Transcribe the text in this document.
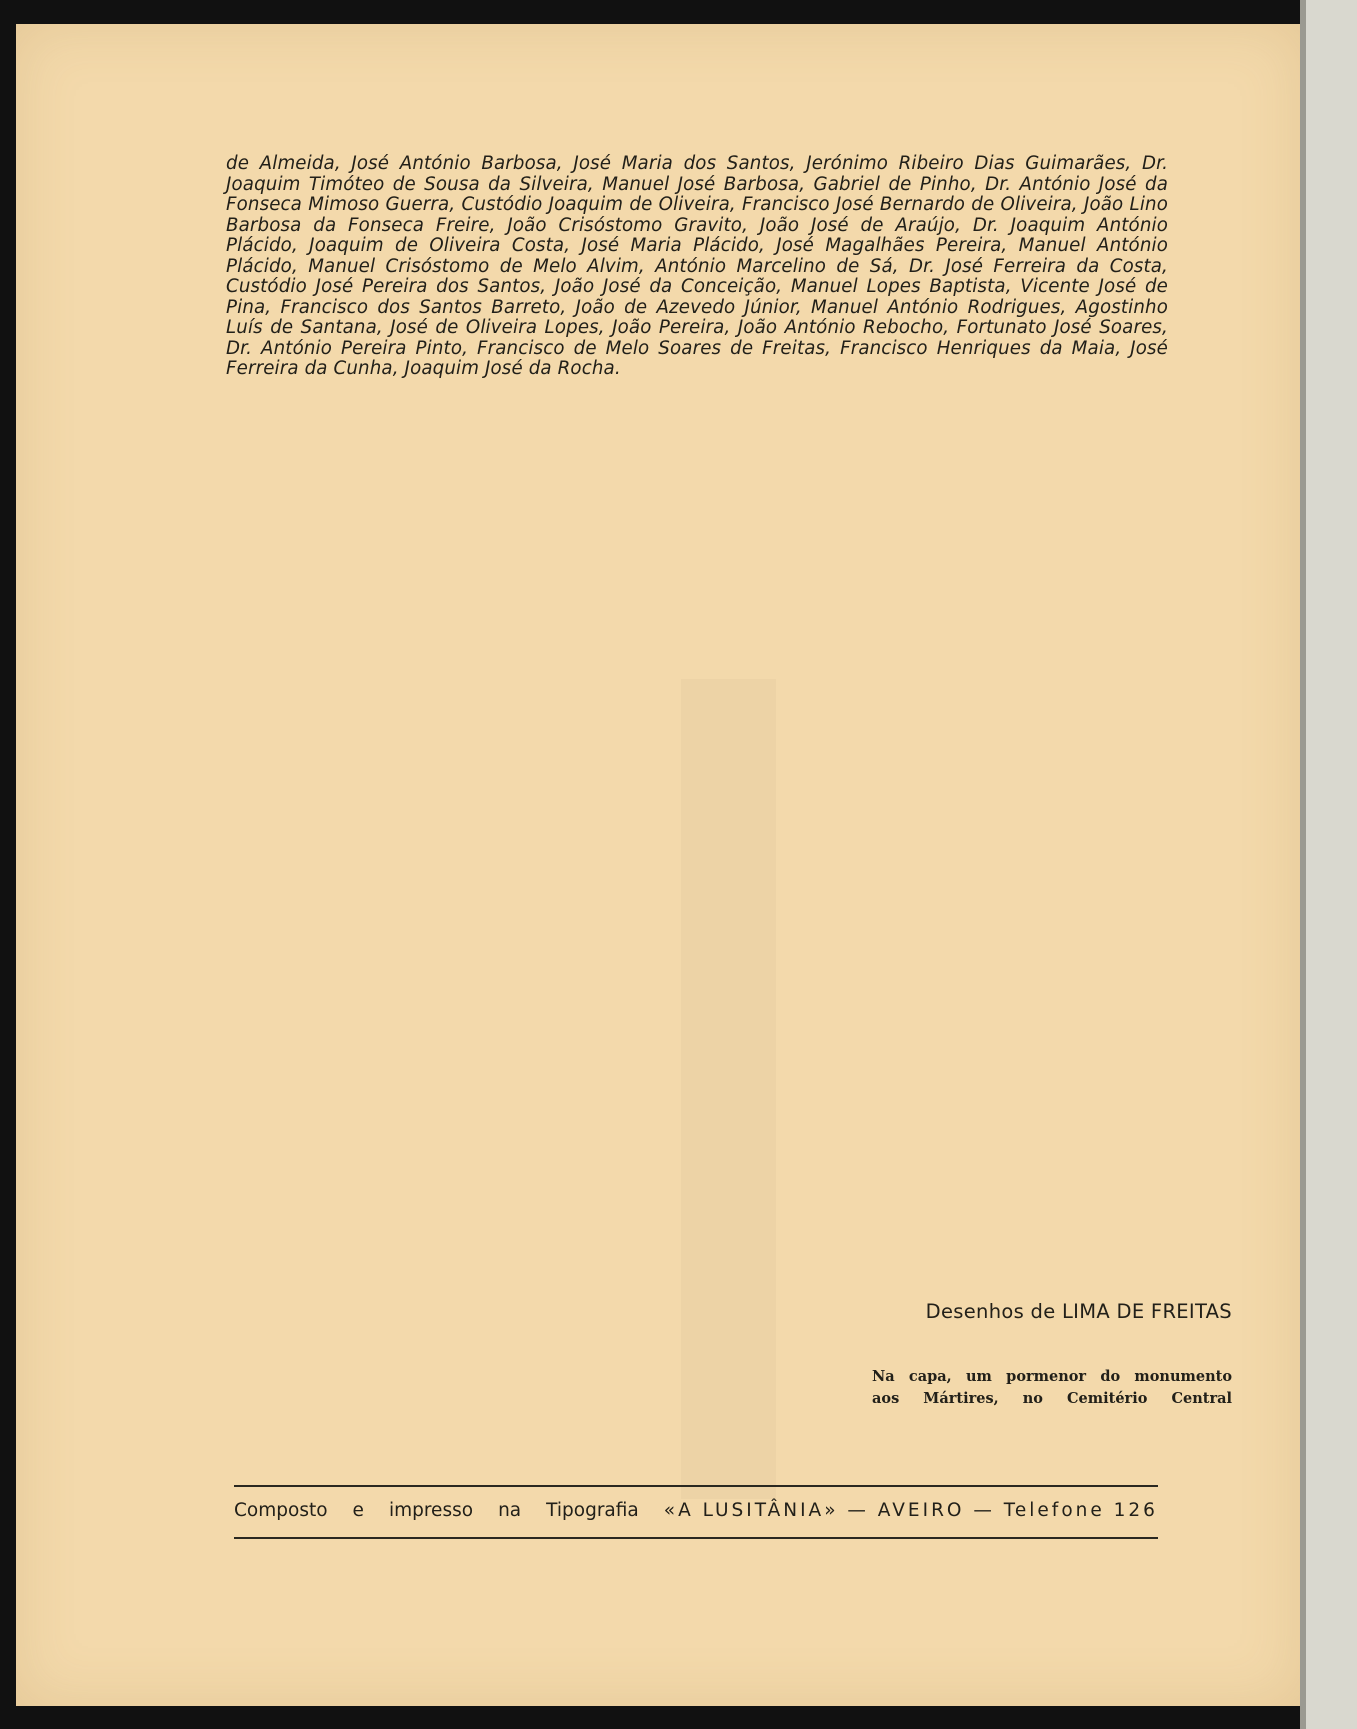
de Almeida, José António Barbosa, José Maria dos Santos, Jerónimo Ribeiro Dias Guimarães, Dr. Joaquim Timóteo de Sousa da Silveira, Manuel José Barbosa, Gabriel de Pinho, Dr. António José da Fonseca Mimoso Guerra, Custódio Joaquim de Oliveira, Francisco José Bernardo de Oliveira, João Lino Barbosa da Fonseca Freire, João Crisóstomo Gravito, João José de Araújo, Dr. Joaquim António Plácido, Joaquim de Oliveira Costa, José Maria Plácido, José Magalhães Pereira, Manuel António Plácido, Manuel Crisóstomo de Melo Alvim, António Marcelino de Sá, Dr. José Ferreira da Costa, Custódio José Pereira dos Santos, João José da Conceição, Manuel Lopes Baptista, Vicente José de Pina, Francisco dos Santos Barreto, João de Azevedo Júnior, Manuel António Rodrigues, Agostinho Luís de Santana, José de Oliveira Lopes, João Pereira, João António Rebocho, Fortunato José Soares, Dr. António Pereira Pinto, Francisco de Melo Soares de Freitas, Francisco Henriques da Maia, José Ferreira da Cunha, Joaquim José da Rocha.

Desenhos de LIMA DE FREITAS

Na capa, um pormenor do monumento
aos Mártires, no Cemitério Central
Composto e impresso na Tipografia «A LUSITÂNIA» — AVEIRO — Telefone 126
